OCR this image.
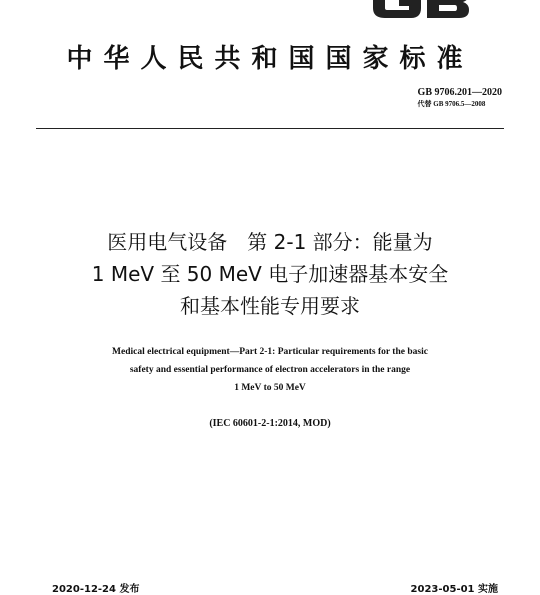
中华人民共和国国家标准
GB 9706.201—2020
代替 GB 9706.5—2008
医用电气设备　第 2-1 部分：能量为
1 MeV 至 50 MeV 电子加速器基本安全
和基本性能专用要求
Medical electrical equipment—Part 2-1: Particular requirements for the basic
safety and essential performance of electron accelerators in the range
1 MeV to 50 MeV
(IEC 60601-2-1:2014, MOD)
2020-12-24 发布	2023-05-01 实施
